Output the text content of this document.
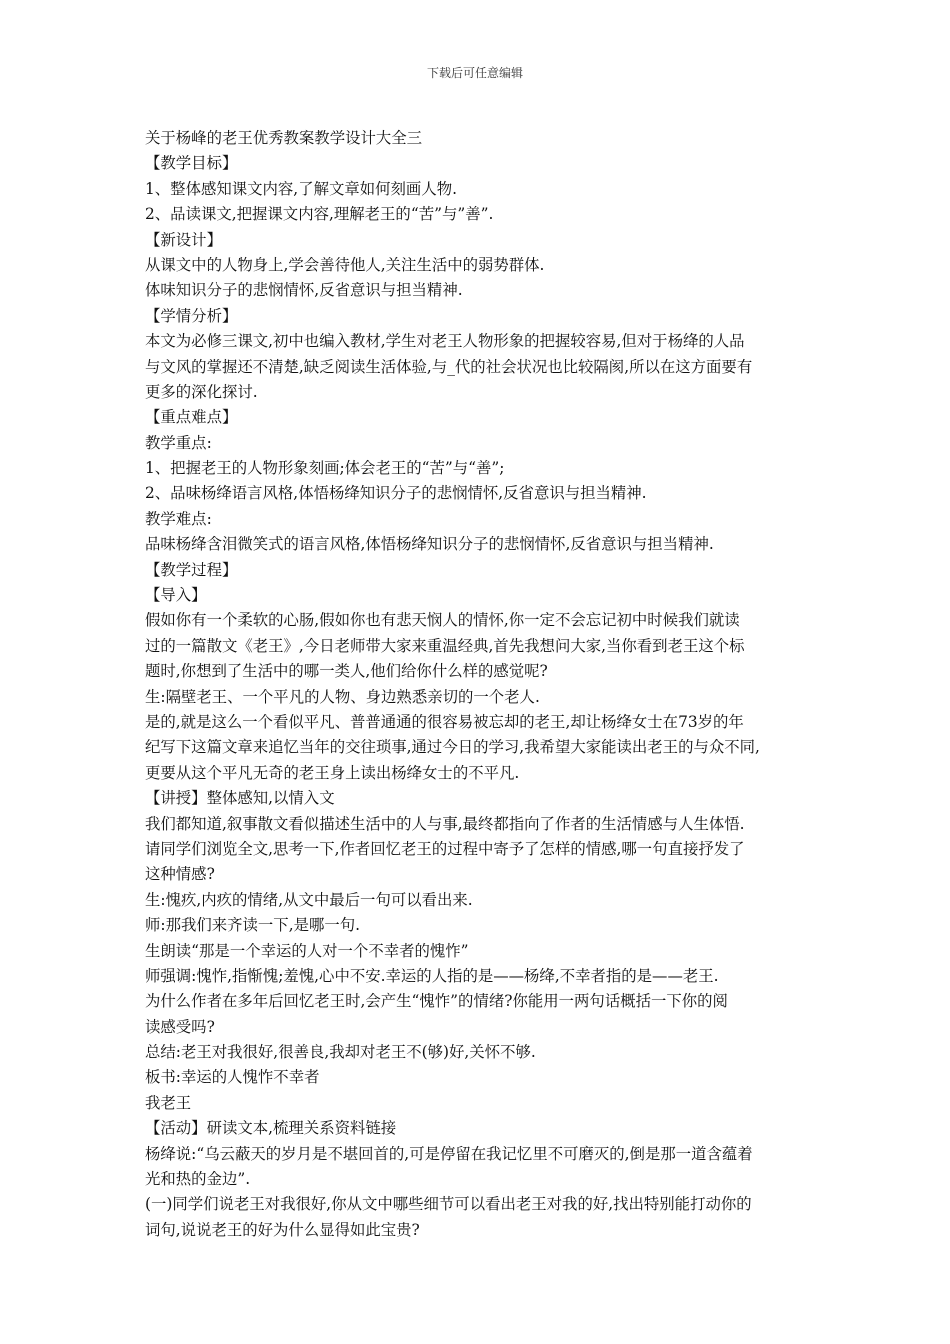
下载后可任意编辑
关于杨峰的老王优秀教案教学设计大全三
【教学目标】
1、整体感知课文内容,了解文章如何刻画人物.
2、品读课文,把握课文内容,理解老王的“苦”与”善”.
【新设计】
从课文中的人物身上,学会善待他人,关注生活中的弱势群体.
体味知识分子的悲悯情怀,反省意识与担当精神.
【学情分析】
本文为必修三课文,初中也编入教材,学生对老王人物形象的把握较容易,但对于杨绛的人品
与文风的掌握还不清楚,缺乏阅读生活体验,与_代的社会状况也比较隔阂,所以在这方面要有
更多的深化探讨.
【重点难点】
教学重点:
1、把握老王的人物形象刻画;体会老王的“苦”与“善”;
2、品味杨绛语言风格,体悟杨绛知识分子的悲悯情怀,反省意识与担当精神.
教学难点:
品味杨绛含泪微笑式的语言风格,体悟杨绛知识分子的悲悯情怀,反省意识与担当精神.
【教学过程】
【导入】
假如你有一个柔软的心肠,假如你也有悲天悯人的情怀,你一定不会忘记初中时候我们就读
过的一篇散文《老王》,今日老师带大家来重温经典,首先我想问大家,当你看到老王这个标
题时,你想到了生活中的哪一类人,他们给你什么样的感觉呢?
生:隔壁老王、一个平凡的人物、身边熟悉亲切的一个老人.
是的,就是这么一个看似平凡、普普通通的很容易被忘却的老王,却让杨绛女士在73岁的年
纪写下这篇文章来追忆当年的交往琐事,通过今日的学习,我希望大家能读出老王的与众不同,
更要从这个平凡无奇的老王身上读出杨绛女士的不平凡.
【讲授】整体感知,以情入文
我们都知道,叙事散文看似描述生活中的人与事,最终都指向了作者的生活情感与人生体悟.
请同学们浏览全文,思考一下,作者回忆老王的过程中寄予了怎样的情感,哪一句直接抒发了
这种情感?
生:愧疚,内疚的情绪,从文中最后一句可以看出来.
师:那我们来齐读一下,是哪一句.
生朗读“那是一个幸运的人对一个不幸者的愧怍”
师强调:愧怍,指惭愧;羞愧,心中不安.幸运的人指的是——杨绛,不幸者指的是——老王.
为什么作者在多年后回忆老王时,会产生“愧怍”的情绪?你能用一两句话概括一下你的阅
读感受吗?
总结:老王对我很好,很善良,我却对老王不(够)好,关怀不够.
板书:幸运的人愧怍不幸者
我老王
【活动】研读文本,梳理关系资料链接
杨绛说:“乌云蔽天的岁月是不堪回首的,可是停留在我记忆里不可磨灭的,倒是那一道含蕴着
光和热的金边”.
(一)同学们说老王对我很好,你从文中哪些细节可以看出老王对我的好,找出特别能打动你的
词句,说说老王的好为什么显得如此宝贵?
